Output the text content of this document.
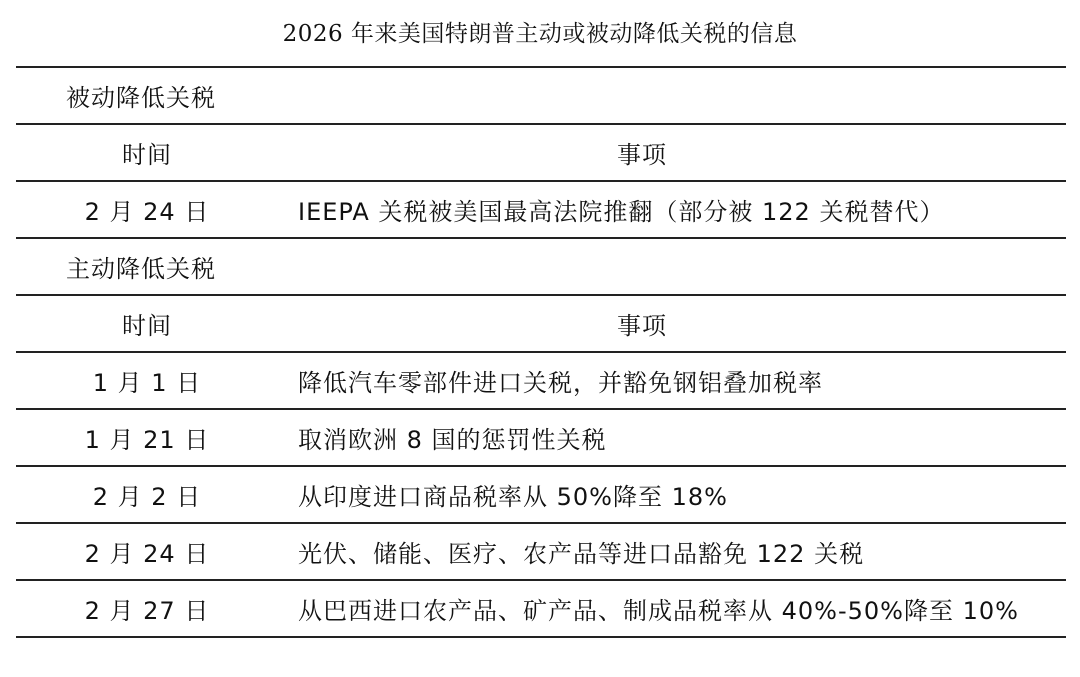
2026 年来美国特朗普主动或被动降低关税的信息
被动降低关税
时间	事项
2 月 24 日	IEEPA 关税被美国最高法院推翻（部分被 122 关税替代）
主动降低关税
时间	事项
1 月 1 日	降低汽车零部件进口关税，并豁免钢铝叠加税率
1 月 21 日	取消欧洲 8 国的惩罚性关税
2 月 2 日	从印度进口商品税率从 50%降至 18%
2 月 24 日	光伏、储能、医疗、农产品等进口品豁免 122 关税
2 月 27 日	从巴西进口农产品、矿产品、制成品税率从 40%-50%降至 10%
